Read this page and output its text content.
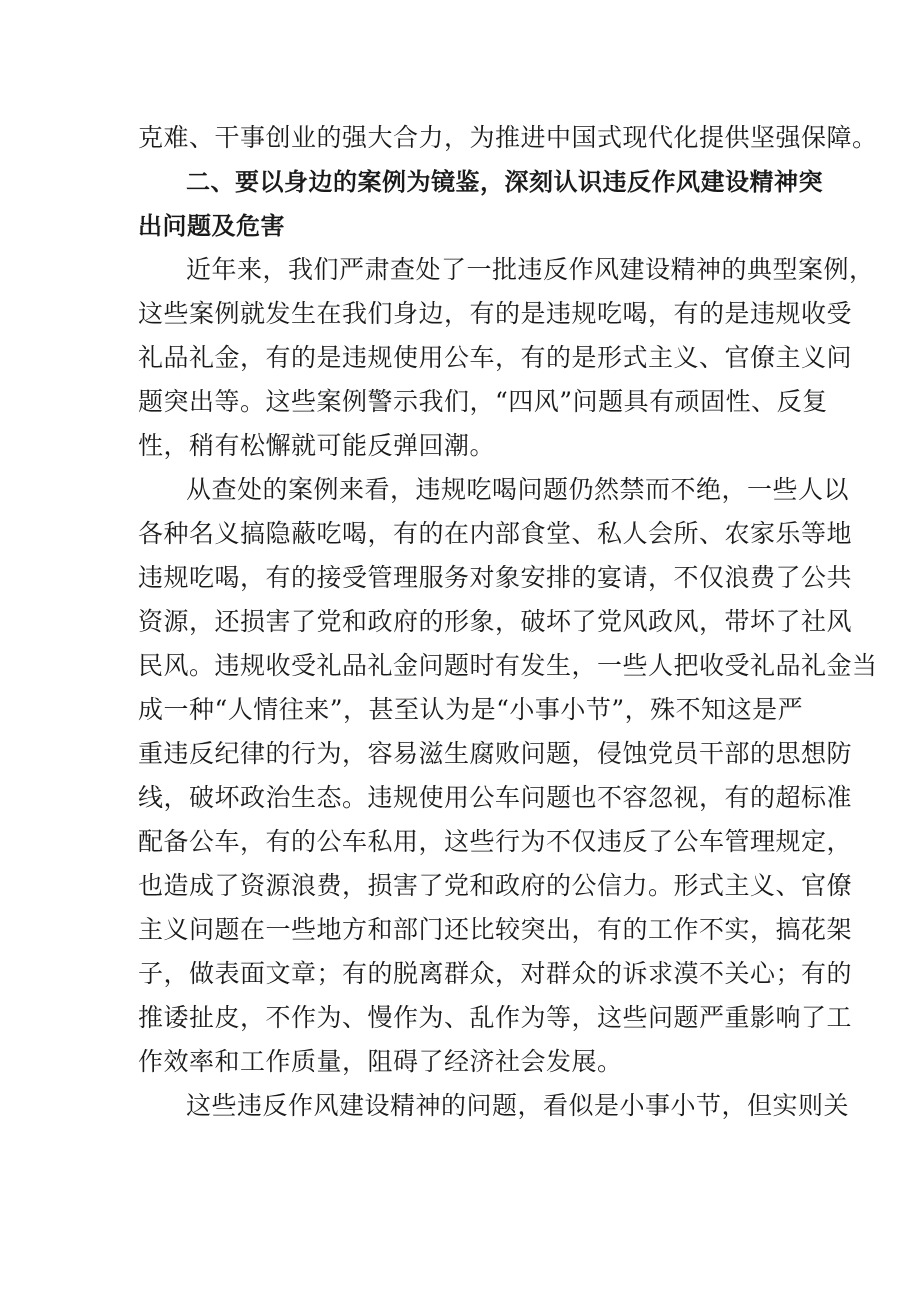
克难、干事创业的强大合力，为推进中国式现代化提供坚强保障。
二、要以身边的案例为镜鉴，深刻认识违反作风建设精神突
出问题及危害
近年来，我们严肃查处了一批违反作风建设精神的典型案例，
这些案例就发生在我们身边，有的是违规吃喝，有的是违规收受
礼品礼金，有的是违规使用公车，有的是形式主义、官僚主义问
题突出等。这些案例警示我们，“四风”问题具有顽固性、反复
性，稍有松懈就可能反弹回潮。
从查处的案例来看，违规吃喝问题仍然禁而不绝，一些人以
各种名义搞隐蔽吃喝，有的在内部食堂、私人会所、农家乐等地
违规吃喝，有的接受管理服务对象安排的宴请，不仅浪费了公共
资源，还损害了党和政府的形象，破坏了党风政风，带坏了社风
民风。违规收受礼品礼金问题时有发生，一些人把收受礼品礼金当
成一种“人情往来”，甚至认为是“小事小节”，殊不知这是严
重违反纪律的行为，容易滋生腐败问题，侵蚀党员干部的思想防
线，破坏政治生态。违规使用公车问题也不容忽视，有的超标准
配备公车，有的公车私用，这些行为不仅违反了公车管理规定，
也造成了资源浪费，损害了党和政府的公信力。形式主义、官僚
主义问题在一些地方和部门还比较突出，有的工作不实，搞花架
子，做表面文章；有的脱离群众，对群众的诉求漠不关心；有的
推诿扯皮，不作为、慢作为、乱作为等，这些问题严重影响了工
作效率和工作质量，阻碍了经济社会发展。
这些违反作风建设精神的问题，看似是小事小节，但实则关
